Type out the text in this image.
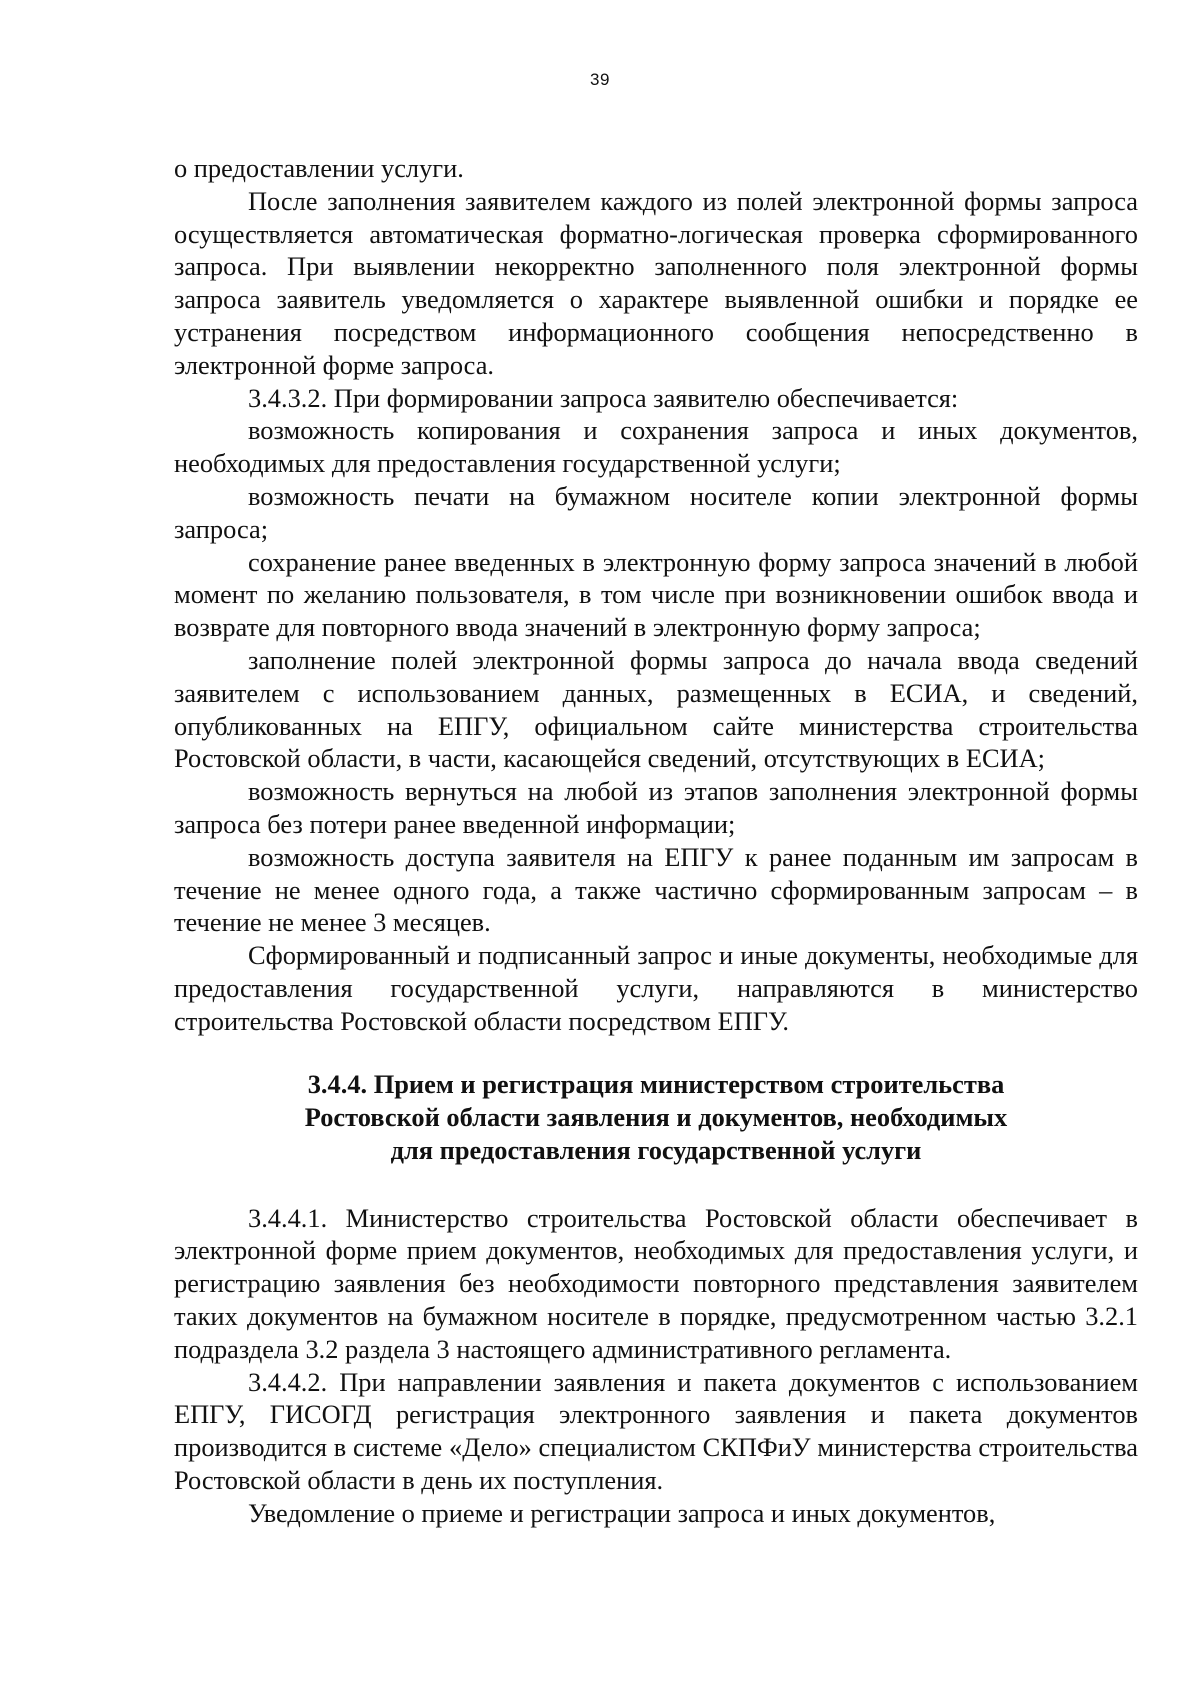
39

о предоставлении услуги.

После заполнения заявителем каждого из полей электронной формы запроса осуществляется автоматическая форматно-логическая проверка сформированного запроса. При выявлении некорректно заполненного поля электронной формы запроса заявитель уведомляется о характере выявленной ошибки и порядке ее устранения посредством информационного сообщения непосредственно в электронной форме запроса.

3.4.3.2. При формировании запроса заявителю обеспечивается:

возможность копирования и сохранения запроса и иных документов, необходимых для предоставления государственной услуги;

возможность печати на бумажном носителе копии электронной формы запроса;

сохранение ранее введенных в электронную форму запроса значений в любой момент по желанию пользователя, в том числе при возникновении ошибок ввода и возврате для повторного ввода значений в электронную форму запроса;

заполнение полей электронной формы запроса до начала ввода сведений заявителем с использованием данных, размещенных в ЕСИА, и сведений, опубликованных на ЕПГУ, официальном сайте министерства строительства Ростовской области, в части, касающейся сведений, отсутствующих в ЕСИА;

возможность вернуться на любой из этапов заполнения электронной формы запроса без потери ранее введенной информации;

возможность доступа заявителя на ЕПГУ к ранее поданным им запросам в течение не менее одного года, а также частично сформированным запросам – в течение не менее 3 месяцев.

Сформированный и подписанный запрос и иные документы, необходимые для предоставления государственной услуги, направляются в министерство строительства Ростовской области посредством ЕПГУ.

3.4.4. Прием и регистрация министерством строительства

Ростовской области заявления и документов, необходимых

для предоставления государственной услуги

3.4.4.1. Министерство строительства Ростовской области обеспечивает в электронной форме прием документов, необходимых для предоставления услуги, и регистрацию заявления без необходимости повторного представления заявителем таких документов на бумажном носителе в порядке, предусмотренном частью 3.2.1 подраздела 3.2 раздела 3 настоящего административного регламента.

3.4.4.2. При направлении заявления и пакета документов с использованием ЕПГУ, ГИСОГД регистрация электронного заявления и пакета документов производится в системе «Дело» специалистом СКПФиУ министерства строительства Ростовской области в день их поступления.

Уведомление о приеме и регистрации запроса и иных документов,
